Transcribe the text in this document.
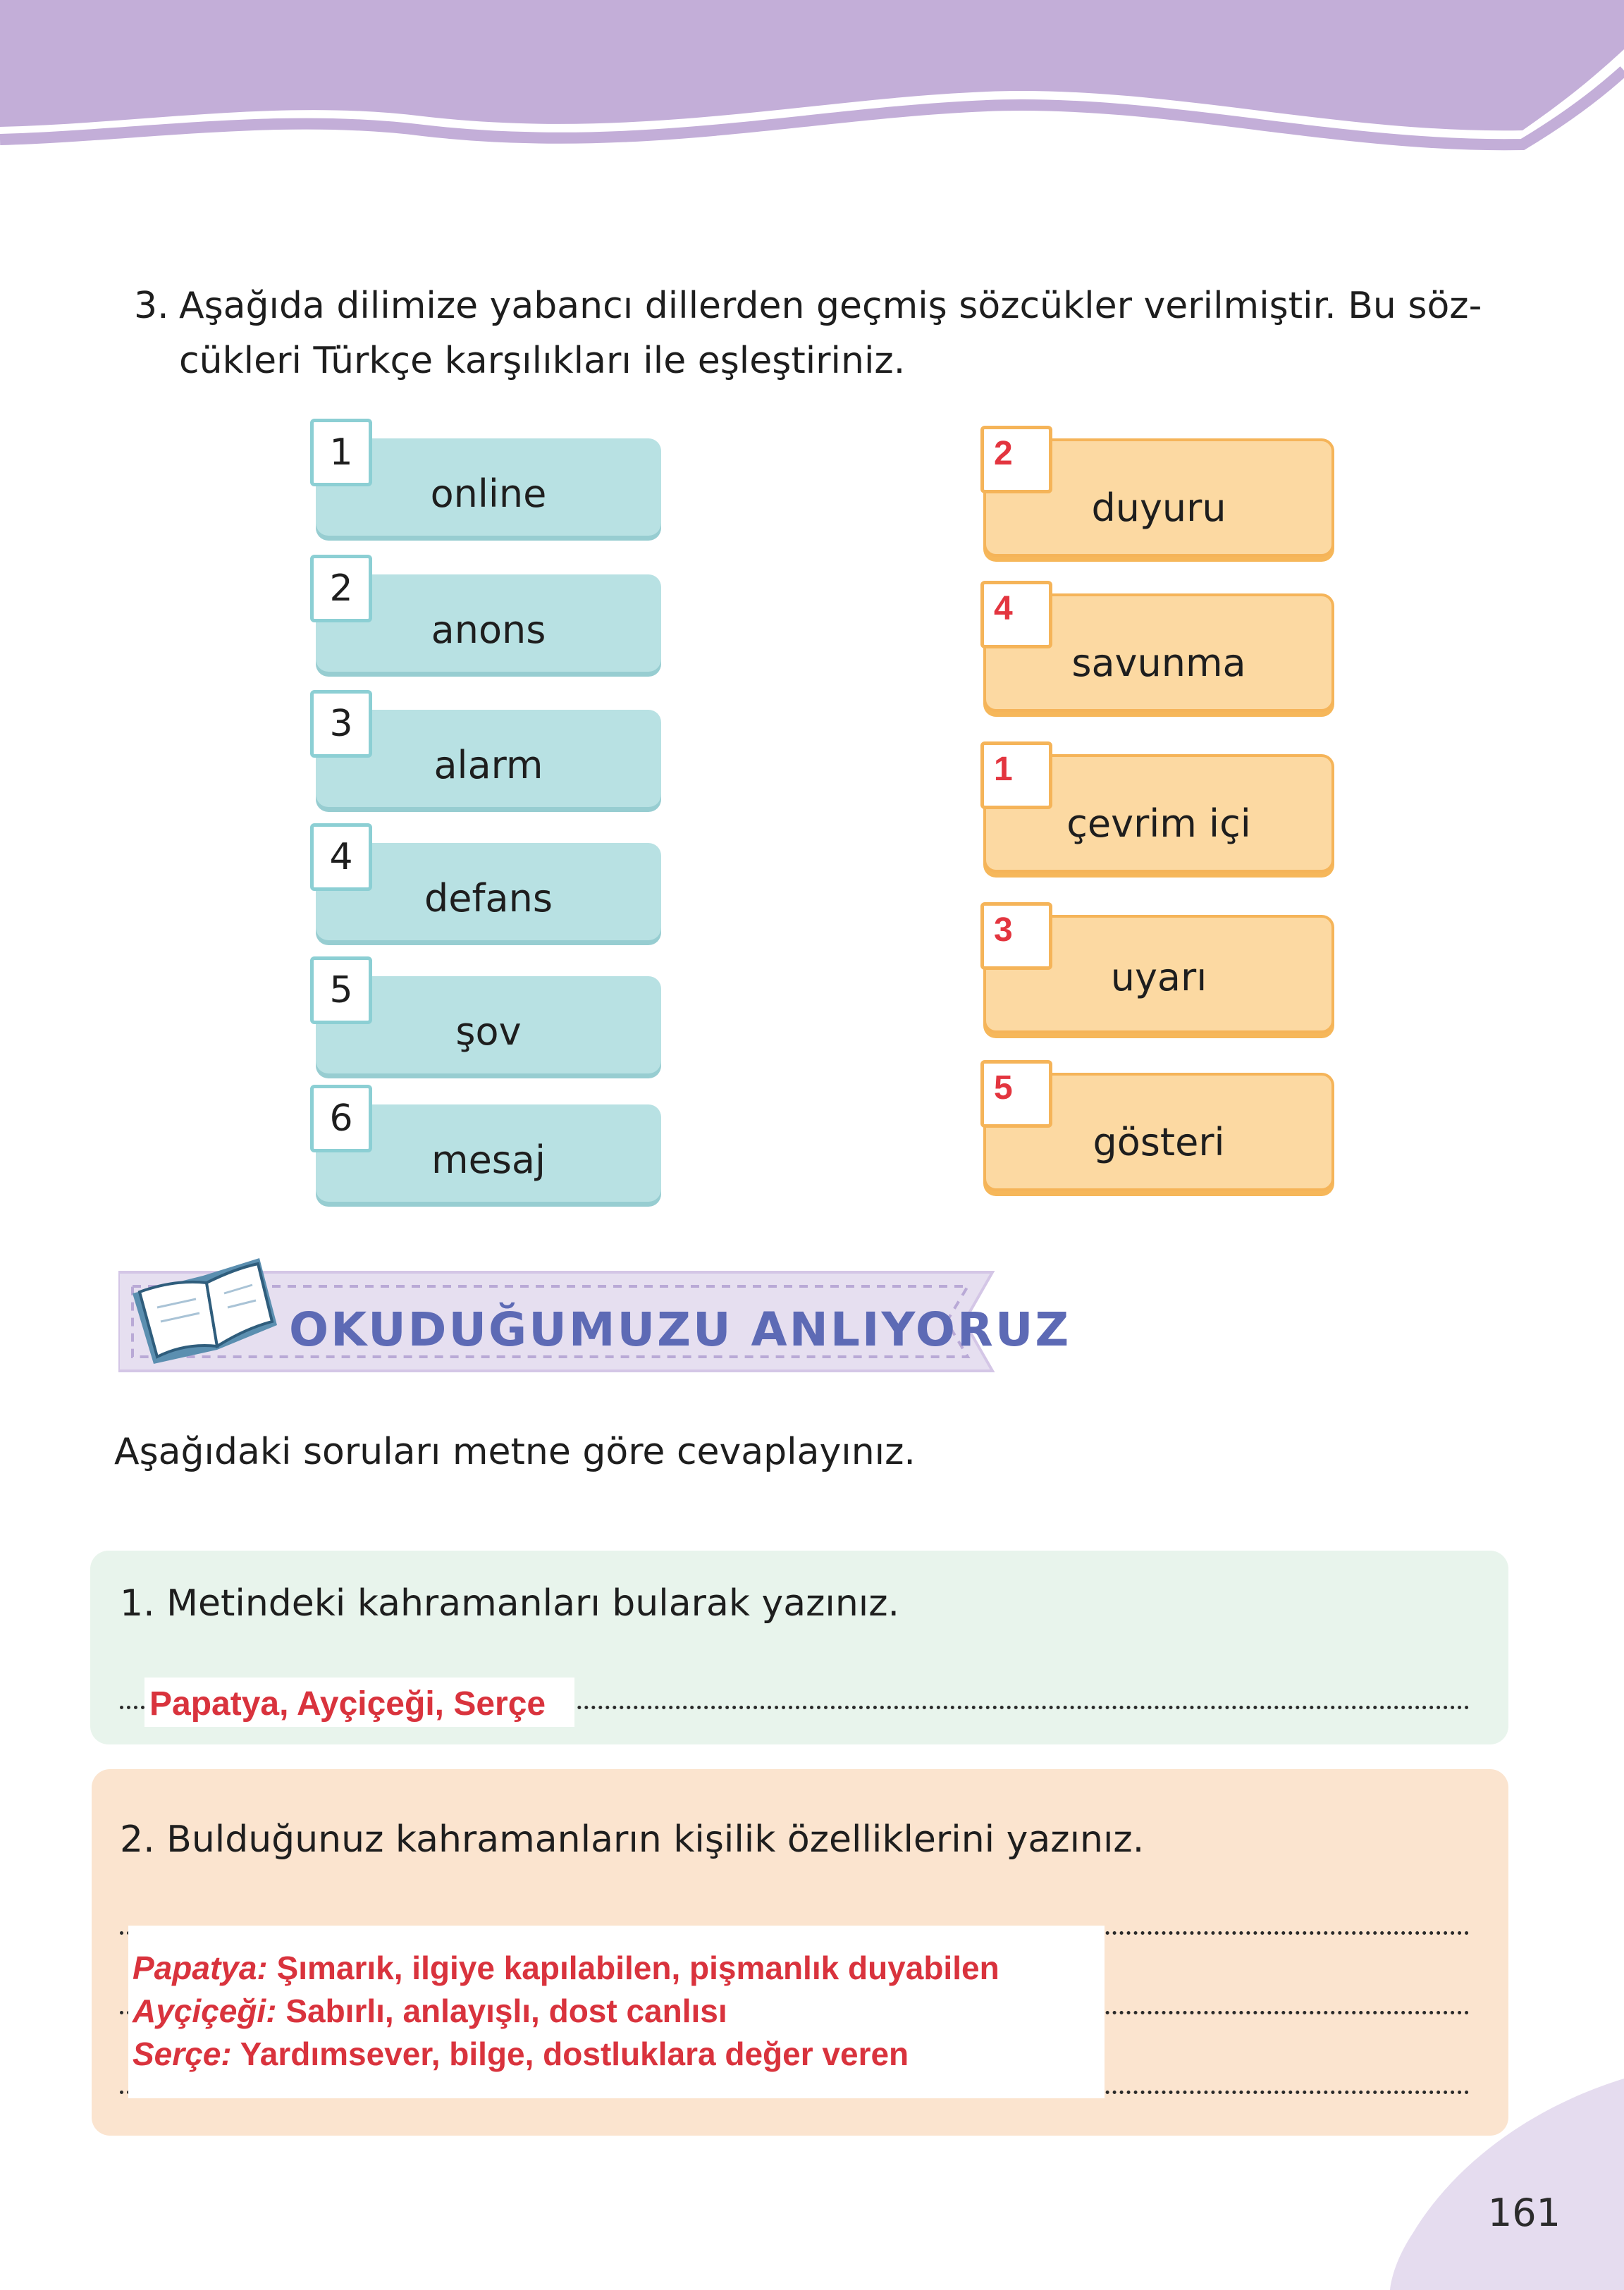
3. Aşağıda dilimize yabancı dillerden geçmiş sözcükler verilmiştir. Bu söz-cükleri Türkçe karşılıkları ile eşleştiriniz.
1
online
2
anons
3
alarm
4
defans
5
şov
6
mesaj
2
duyuru
4
savunma
1
çevrim içi
3
uyarı
5
gösteri
OKUDUĞUMUZU ANLIYORUZ
Aşağıdaki soruları metne göre cevaplayınız.
1. Metindeki kahramanları bularak yazınız.
Papatya, Ayçiçeği, Serçe
2. Bulduğunuz kahramanların kişilik özelliklerini yazınız.
Papatya: Şımarık, ilgiye kapılabilen, pişmanlık duyabilen
Ayçiçeği: Sabırlı, anlayışlı, dost canlısı
Serçe: Yardımsever, bilge, dostluklara değer veren
161
